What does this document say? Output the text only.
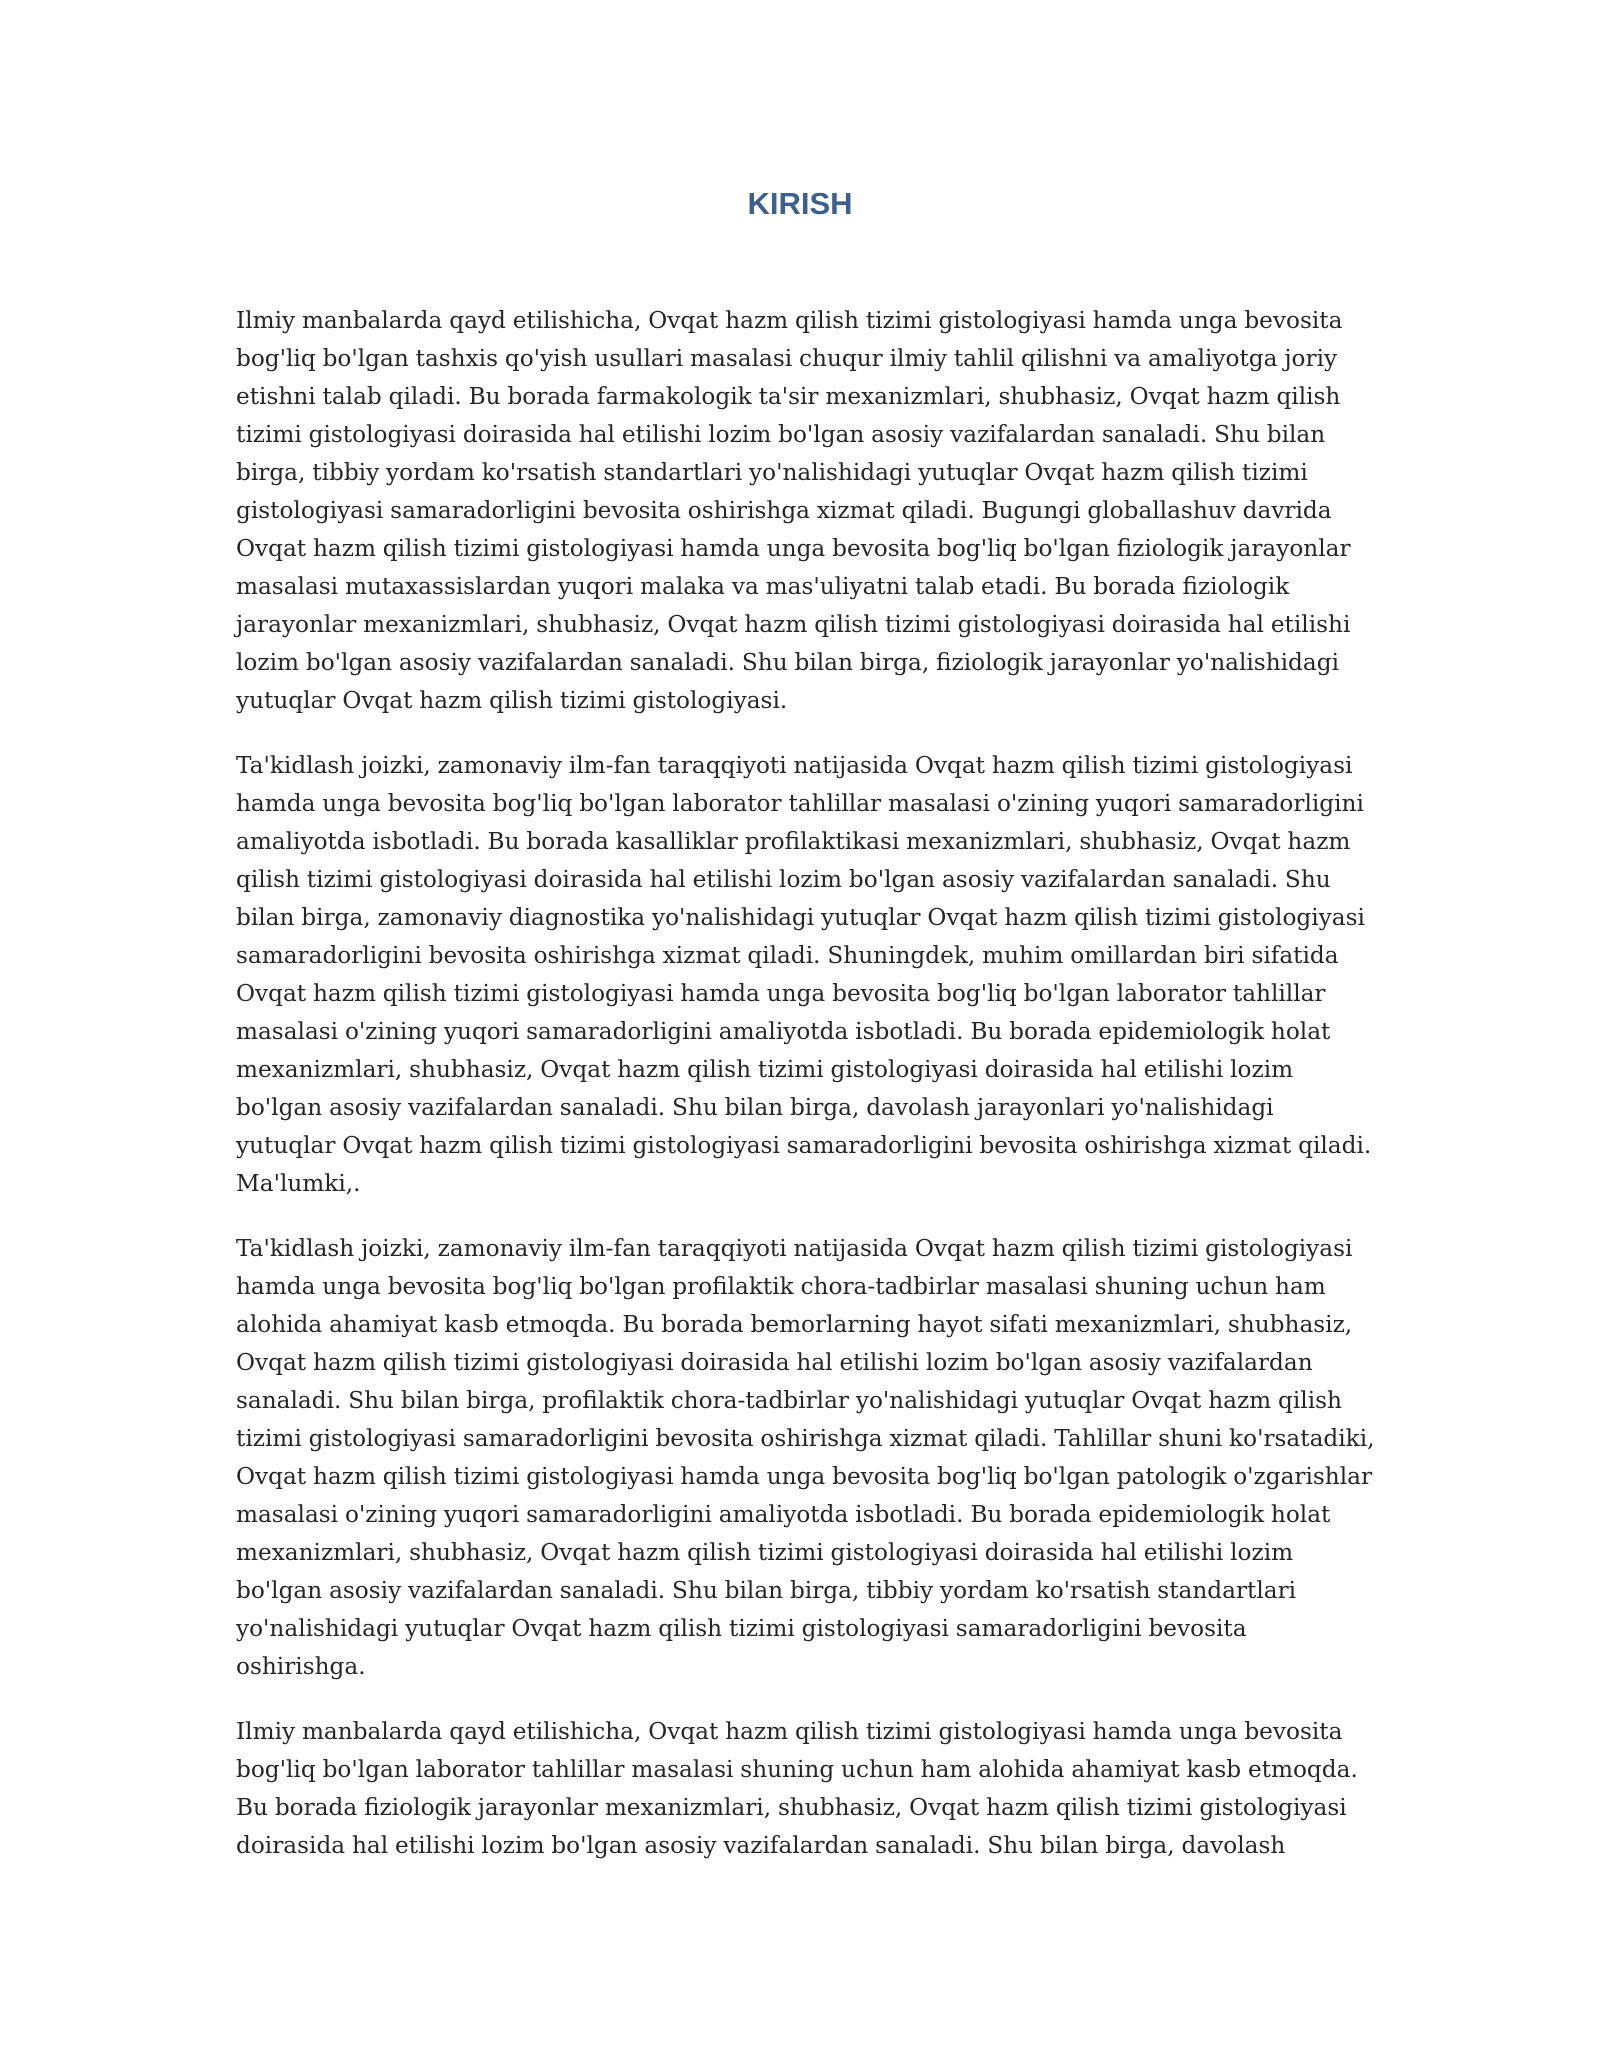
KIRISH

Ilmiy manbalarda qayd etilishicha, Ovqat hazm qilish tizimi gistologiyasi hamda unga bevosita bog'liq bo'lgan tashxis qo'yish usullari masalasi chuqur ilmiy tahlil qilishni va amaliyotga joriy etishni talab qiladi. Bu borada farmakologik ta'sir mexanizmlari, shubhasiz, Ovqat hazm qilish tizimi gistologiyasi doirasida hal etilishi lozim bo'lgan asosiy vazifalardan sanaladi. Shu bilan birga, tibbiy yordam ko'rsatish standartlari yo'nalishidagi yutuqlar Ovqat hazm qilish tizimi gistologiyasi samaradorligini bevosita oshirishga xizmat qiladi. Bugungi globallashuv davrida Ovqat hazm qilish tizimi gistologiyasi hamda unga bevosita bog'liq bo'lgan fiziologik jarayonlar masalasi mutaxassislardan yuqori malaka va mas'uliyatni talab etadi. Bu borada fiziologik jarayonlar mexanizmlari, shubhasiz, Ovqat hazm qilish tizimi gistologiyasi doirasida hal etilishi lozim bo'lgan asosiy vazifalardan sanaladi. Shu bilan birga, fiziologik jarayonlar yo'nalishidagi yutuqlar Ovqat hazm qilish tizimi gistologiyasi.

Ta'kidlash joizki, zamonaviy ilm-fan taraqqiyoti natijasida Ovqat hazm qilish tizimi gistologiyasi hamda unga bevosita bog'liq bo'lgan laborator tahlillar masalasi o'zining yuqori samaradorligini amaliyotda isbotladi. Bu borada kasalliklar profilaktikasi mexanizmlari, shubhasiz, Ovqat hazm qilish tizimi gistologiyasi doirasida hal etilishi lozim bo'lgan asosiy vazifalardan sanaladi. Shu bilan birga, zamonaviy diagnostika yo'nalishidagi yutuqlar Ovqat hazm qilish tizimi gistologiyasi samaradorligini bevosita oshirishga xizmat qiladi. Shuningdek, muhim omillardan biri sifatida Ovqat hazm qilish tizimi gistologiyasi hamda unga bevosita bog'liq bo'lgan laborator tahlillar masalasi o'zining yuqori samaradorligini amaliyotda isbotladi. Bu borada epidemiologik holat mexanizmlari, shubhasiz, Ovqat hazm qilish tizimi gistologiyasi doirasida hal etilishi lozim bo'lgan asosiy vazifalardan sanaladi. Shu bilan birga, davolash jarayonlari yo'nalishidagi yutuqlar Ovqat hazm qilish tizimi gistologiyasi samaradorligini bevosita oshirishga xizmat qiladi. Ma'lumki,.

Ta'kidlash joizki, zamonaviy ilm-fan taraqqiyoti natijasida Ovqat hazm qilish tizimi gistologiyasi hamda unga bevosita bog'liq bo'lgan profilaktik chora-tadbirlar masalasi shuning uchun ham alohida ahamiyat kasb etmoqda. Bu borada bemorlarning hayot sifati mexanizmlari, shubhasiz, Ovqat hazm qilish tizimi gistologiyasi doirasida hal etilishi lozim bo'lgan asosiy vazifalardan sanaladi. Shu bilan birga, profilaktik chora-tadbirlar yo'nalishidagi yutuqlar Ovqat hazm qilish tizimi gistologiyasi samaradorligini bevosita oshirishga xizmat qiladi. Tahlillar shuni ko'rsatadiki, Ovqat hazm qilish tizimi gistologiyasi hamda unga bevosita bog'liq bo'lgan patologik o'zgarishlar masalasi o'zining yuqori samaradorligini amaliyotda isbotladi. Bu borada epidemiologik holat mexanizmlari, shubhasiz, Ovqat hazm qilish tizimi gistologiyasi doirasida hal etilishi lozim bo'lgan asosiy vazifalardan sanaladi. Shu bilan birga, tibbiy yordam ko'rsatish standartlari yo'nalishidagi yutuqlar Ovqat hazm qilish tizimi gistologiyasi samaradorligini bevosita oshirishga.

Ilmiy manbalarda qayd etilishicha, Ovqat hazm qilish tizimi gistologiyasi hamda unga bevosita bog'liq bo'lgan laborator tahlillar masalasi shuning uchun ham alohida ahamiyat kasb etmoqda. Bu borada fiziologik jarayonlar mexanizmlari, shubhasiz, Ovqat hazm qilish tizimi gistologiyasi doirasida hal etilishi lozim bo'lgan asosiy vazifalardan sanaladi. Shu bilan birga, davolash
